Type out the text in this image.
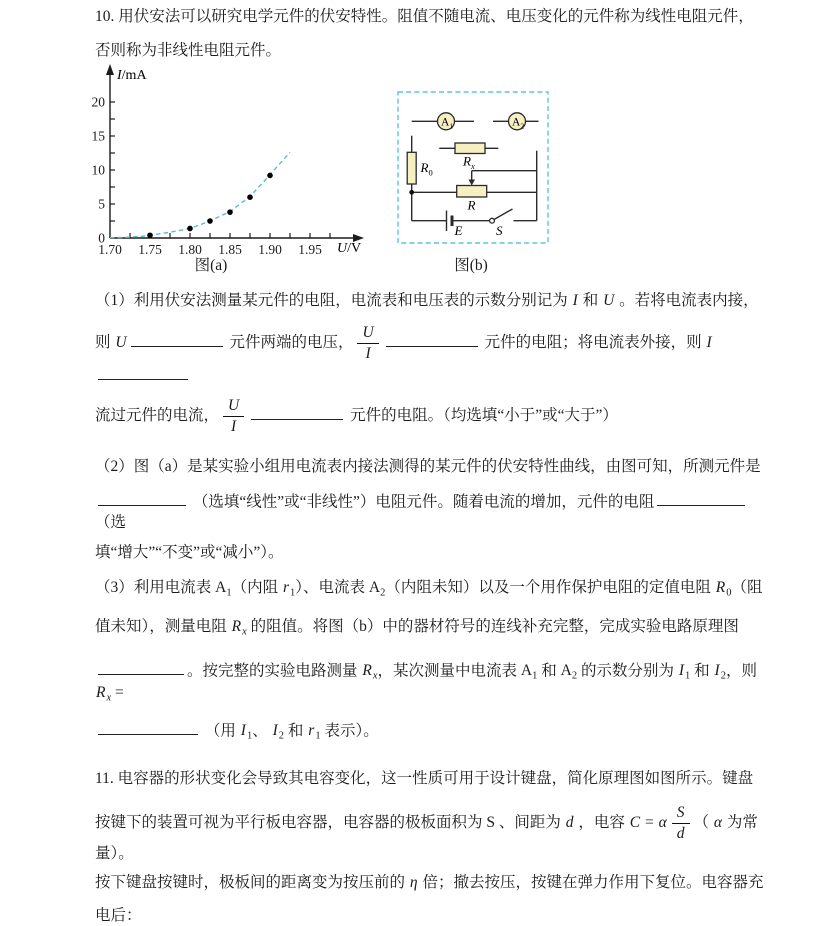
10. 用伏安法可以研究电学元件的伏安特性。阻值不随电流、电压变化的元件称为线性电阻元件，
否则称为非线性电阻元件。
1.70 1.75 1.80 1.85 1.90 1.95
0
5
10
15
20
I/mA
U/V
$A_1$	$A_2$
$R_0$
$R_x$
R
E	S
图(a)	图(b)
（1）利用伏安法测量某元件的电阻，电流表和电压表的示数分别记为 I 和 U 。若将电流表内接，
则 U	元件两端的电压， $\frac{U}{I}$	元件的电阻；将电流表外接，则 I
流过元件的电流， $\frac{U}{I}$	元件的电阻。（均选填“小于”或“大于”）
（2）图（a）是某实验小组用电流表内接法测得的某元件的伏安特性曲线，由图可知，所测元件是
（选填“线性”或“非线性”）电阻元件。随着电流的增加，元件的电阻 （选
填“增大”“不变”或“减小”）。
（3）利用电流表 $A_1$（内阻 $r_1$）、电流表 $A_2$（内阻未知）以及一个用作保护电阻的定值电阻 $R_0$（阻
值未知），测量电阻 $R_x$ 的阻值。将图（b）中的器材符号的连线补充完整，完成实验电路原理图
。按完整的实验电路测量 $R_x$，某次测量中电流表 $A_1$ 和 $A_2$ 的示数分别为 $I_1$ 和 $I_2$，则 $R_x$ =
（用 $I_1$、 $I_2$ 和 $r_1$ 表示）。
11. 电容器的形状变化会导致其电容变化，这一性质可用于设计键盘，简化原理图如图所示。键盘
按键下的装置可视为平行板电容器，电容器的极板面积为 S 、间距为 d ，电容 C = α $\frac{S}{d}$ （ α 为常量）。
按下键盘按键时，极板间的距离变为按压前的 η 倍；撤去按压，按键在弹力作用下复位。电容器充
电后：
